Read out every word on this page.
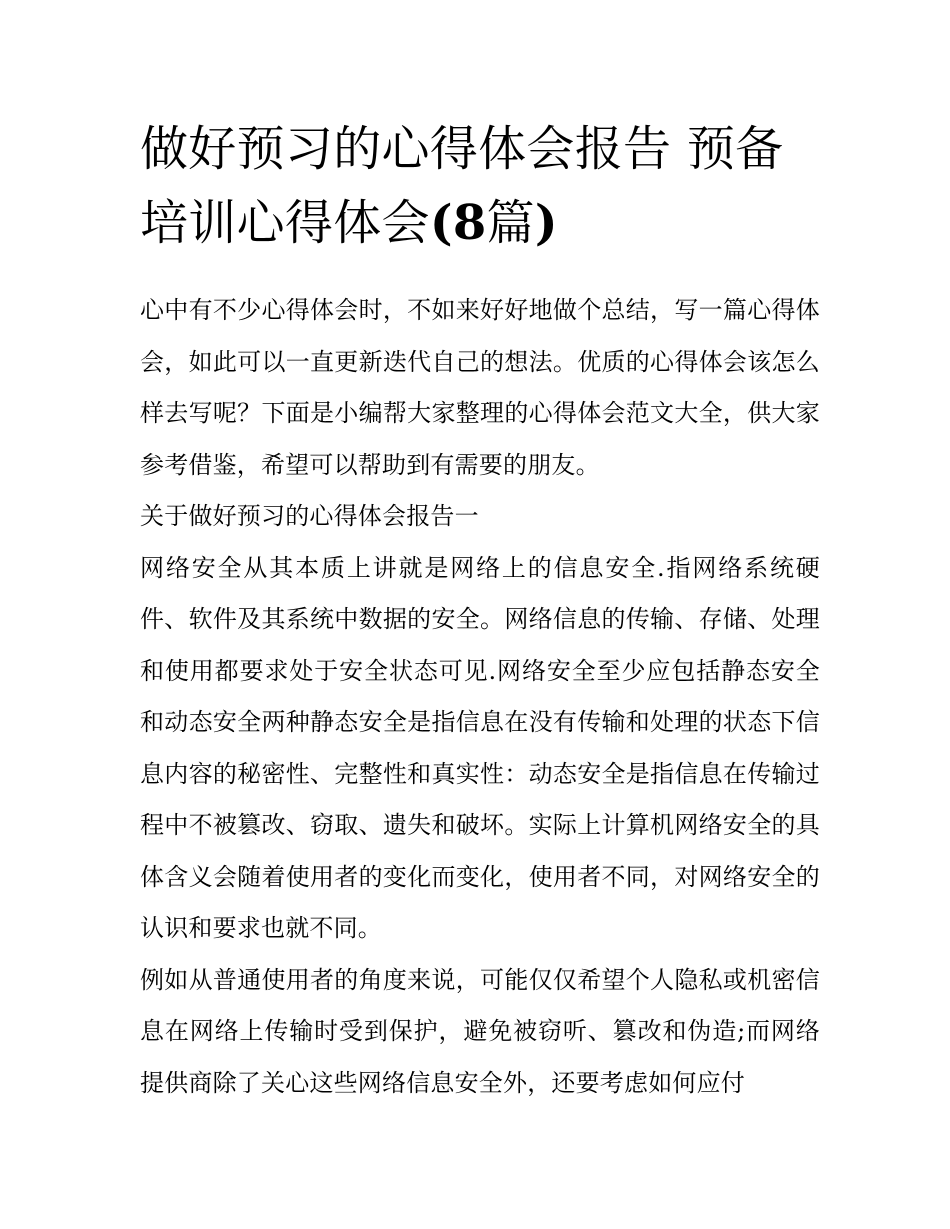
做好预习的心得体会报告 预备培训心得体会(8篇)

心中有不少心得体会时，不如来好好地做个总结，写一篇心得体会，如此可以一直更新迭代自己的想法。优质的心得体会该怎么样去写呢？下面是小编帮大家整理的心得体会范文大全，供大家参考借鉴，希望可以帮助到有需要的朋友。

关于做好预习的心得体会报告一

网络安全从其本质上讲就是网络上的信息安全.指网络系统硬件、软件及其系统中数据的安全。网络信息的传输、存储、处理和使用都要求处于安全状态可见.网络安全至少应包括静态安全和动态安全两种静态安全是指信息在没有传输和处理的状态下信息内容的秘密性、完整性和真实性：动态安全是指信息在传输过程中不被篡改、窃取、遗失和破坏。实际上计算机网络安全的具体含义会随着使用者的变化而变化，使用者不同，对网络安全的认识和要求也就不同。

例如从普通使用者的角度来说，可能仅仅希望个人隐私或机密信息在网络上传输时受到保护，避免被窃听、篡改和伪造;而网络提供商除了关心这些网络信息安全外，还要考虑如何应付
